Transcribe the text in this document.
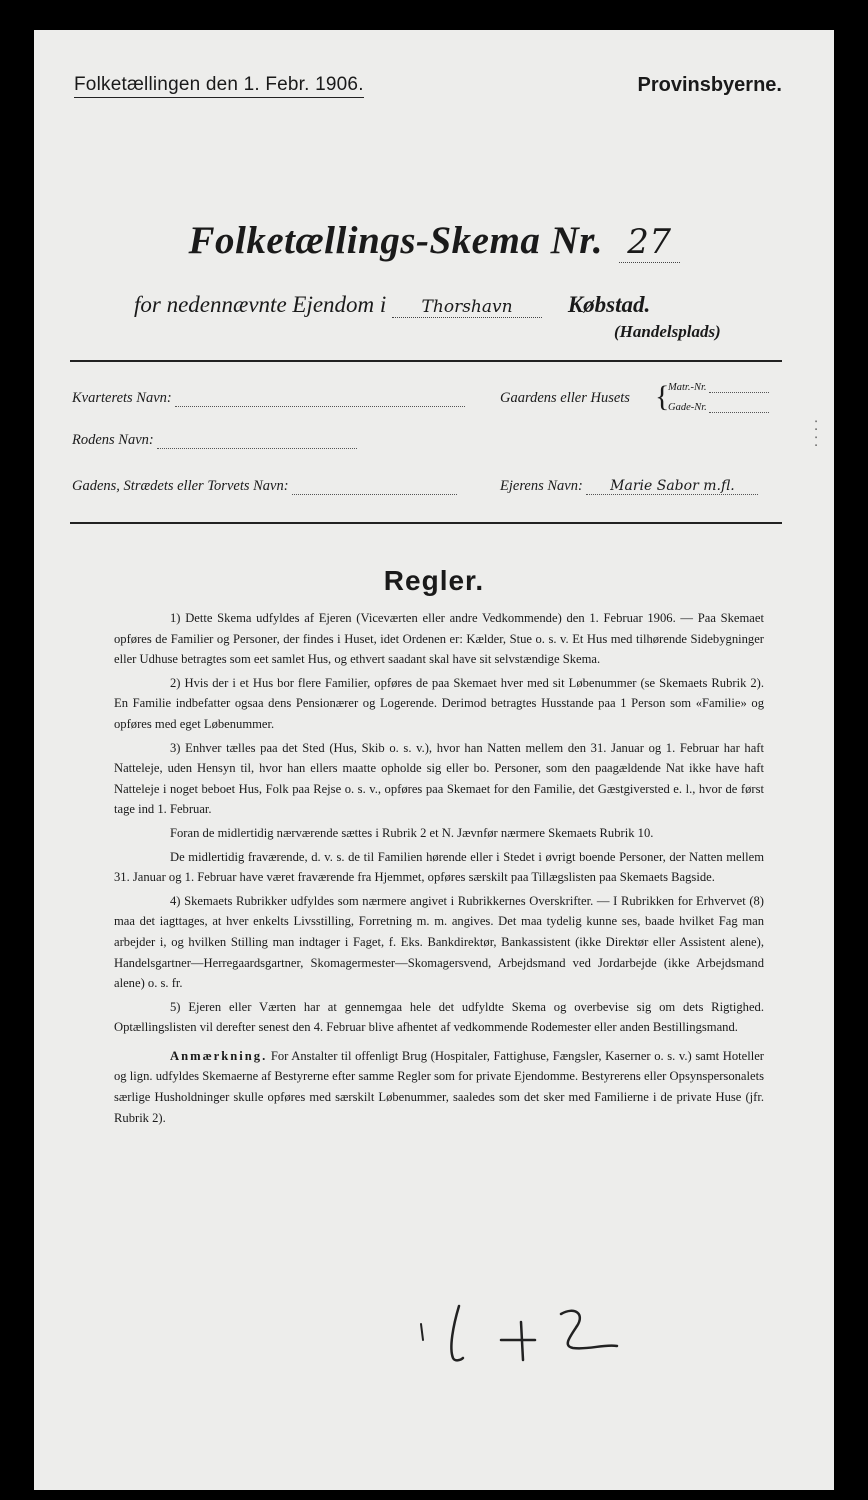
Folketællingen den 1. Febr. 1906.	Provinsbyerne.
Folketællings-Skema Nr. 27
for nedennævnte Ejendom i Thorshavn Købstad.
(Handelsplads)
Kvarterets Navn:	Gaardens eller Husets {
Matr.-Nr.
Gade-Nr.
Rodens Navn:
Gadens, Strædets eller Torvets Navn:	Ejerens Navn: Marie Sabor m.fl.
⁚
⁚
Regler.

1) Dette Skema udfyldes af Ejeren (Viceværten eller andre Vedkommende) den 1. Februar 1906. — Paa Skemaet opføres de Familier og Personer, der findes i Huset, idet Ordenen er: Kælder, Stue o. s. v. Et Hus med tilhørende Sidebygninger eller Udhuse betragtes som eet samlet Hus, og ethvert saadant skal have sit selvstændige Skema.

2) Hvis der i et Hus bor flere Familier, opføres de paa Skemaet hver med sit Løbenummer (se Skemaets Rubrik 2). En Familie indbefatter ogsaa dens Pensionærer og Logerende. Derimod betragtes Husstande paa 1 Person som «Familie» og opføres med eget Løbenummer.

3) Enhver tælles paa det Sted (Hus, Skib o. s. v.), hvor han Natten mellem den 31. Januar og 1. Februar har haft Natteleje, uden Hensyn til, hvor han ellers maatte opholde sig eller bo. Personer, som den paagældende Nat ikke have haft Natteleje i noget beboet Hus, Folk paa Rejse o. s. v., opføres paa Skemaet for den Familie, det Gæstgiversted e. l., hvor de først tage ind 1. Februar.

Foran de midlertidig nærværende sættes i Rubrik 2 et N. Jævnfør nærmere Skemaets Rubrik 10.

De midlertidig fraværende, d. v. s. de til Familien hørende eller i Stedet i øvrigt boende Personer, der Natten mellem 31. Januar og 1. Februar have været fraværende fra Hjemmet, opføres særskilt paa Tillægslisten paa Skemaets Bagside.

4) Skemaets Rubrikker udfyldes som nærmere angivet i Rubrikkernes Overskrifter. — I Rubrikken for Erhvervet (8) maa det iagttages, at hver enkelts Livsstilling, Forretning m. m. angives. Det maa tydelig kunne ses, baade hvilket Fag man arbejder i, og hvilken Stilling man indtager i Faget, f. Eks. Bankdirektør, Bankassistent (ikke Direktør eller Assistent alene), Handelsgartner—Herregaardsgartner, Skomagermester—Skomagersvend, Arbejdsmand ved Jordarbejde (ikke Arbejdsmand alene) o. s. fr.

5) Ejeren eller Værten har at gennemgaa hele det udfyldte Skema og overbevise sig om dets Rigtighed. Optællingslisten vil derefter senest den 4. Februar blive afhentet af vedkommende Rodemester eller anden Bestillingsmand.

Anmærkning. For Anstalter til offenligt Brug (Hospitaler, Fattighuse, Fængsler, Kaserner o. s. v.) samt Hoteller og lign. udfyldes Skemaerne af Bestyrerne efter samme Regler som for private Ejendomme. Bestyrerens eller Opsynspersonalets særlige Husholdninger skulle opføres med særskilt Løbenummer, saaledes som det sker med Familierne i de private Huse (jfr. Rubrik 2).
